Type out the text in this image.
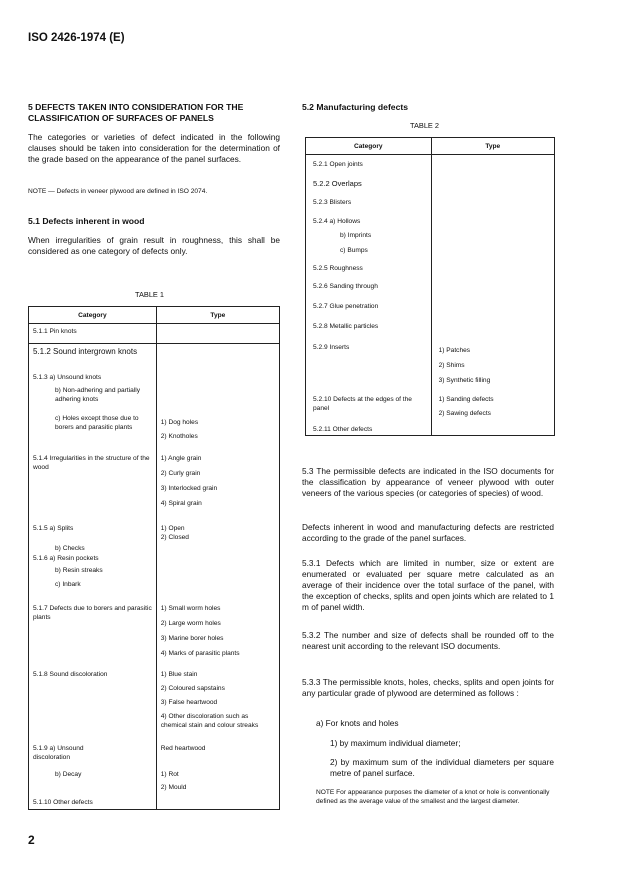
ISO 2426-1974 (E)
5 DEFECTS TAKEN INTO CONSIDERATION FOR THE
CLASSIFICATION OF SURFACES OF PANELS
The categories or varieties of defect indicated in the following clauses should be taken into consideration for the determination of the grade based on the appearance of the panel surfaces.
NOTE — Defects in veneer plywood are defined in ISO 2074.
5.1 Defects inherent in wood
When irregularities of grain result in roughness, this shall be considered as one category of defects only.
TABLE 1
Category	Type
5.1.1 Pin knots	
5.1.2 Sound intergrown knots	
5.1.3 a) Unsound knots	
b) Non-adhering and partially adhering knots	
c) Holes except those due to borers and parasitic plants	1) Dog holes
2) Knotholes

5.1.4 Irregularities in the structure of the wood	1) Angle grain
2) Curly grain
3) Interlocked grain
4) Spiral grain

5.1.5 a) Splits	1) Open
2) Closed

b) Checks	
5.1.6 a) Resin pockets	
b) Resin streaks	
c) Inbark	
5.1.7 Defects due to borers and parasitic plants	1) Small worm holes
2) Large worm holes
3) Marine borer holes
4) Marks of parasitic plants

5.1.8 Sound discoloration	1) Blue stain
2) Coloured sapstains
3) False heartwood
4) Other discoloration such as chemical stain and colour streaks

5.1.9 a) Unsound discoloration	Red heartwood

b) Decay	1) Rot
2) Mould

5.1.10 Other defects	
2
5.2 Manufacturing defects
TABLE 2
Category	Type
5.2.1 Open joints	
5.2.2 Overlaps	
5.2.3 Blisters	
5.2.4 a) Hollows	
b) Imprints	
c) Bumps	
5.2.5 Roughness	
5.2.6 Sanding through	
5.2.7 Glue penetration	
5.2.8 Metallic particles	
5.2.9 Inserts	1) Patches
2) Shims
3) Synthetic filling

5.2.10 Defects at the edges of the panel	1) Sanding defects
2) Sawing defects

5.2.11 Other defects	
5.3 The permissible defects are indicated in the ISO documents for the classification by appearance of veneer plywood with outer veneers of the various species (or categories of species) of wood.
Defects inherent in wood and manufacturing defects are restricted according to the grade of the panel surfaces.
5.3.1 Defects which are limited in number, size or extent are enumerated or evaluated per square metre calculated as an average of their incidence over the total surface of the panel, with the exception of checks, splits and open joints which are related to 1 m of panel width.
5.3.2 The number and size of defects shall be rounded off to the nearest unit according to the relevant ISO documents.
5.3.3 The permissible knots, holes, checks, splits and open joints for any particular grade of plywood are determined as follows :
a) For knots and holes
1) by maximum individual diameter;
2) by maximum sum of the individual diameters per square metre of panel surface.
NOTE For appearance purposes the diameter of a knot or hole is conventionally defined as the average value of the smallest and the largest diameter.
